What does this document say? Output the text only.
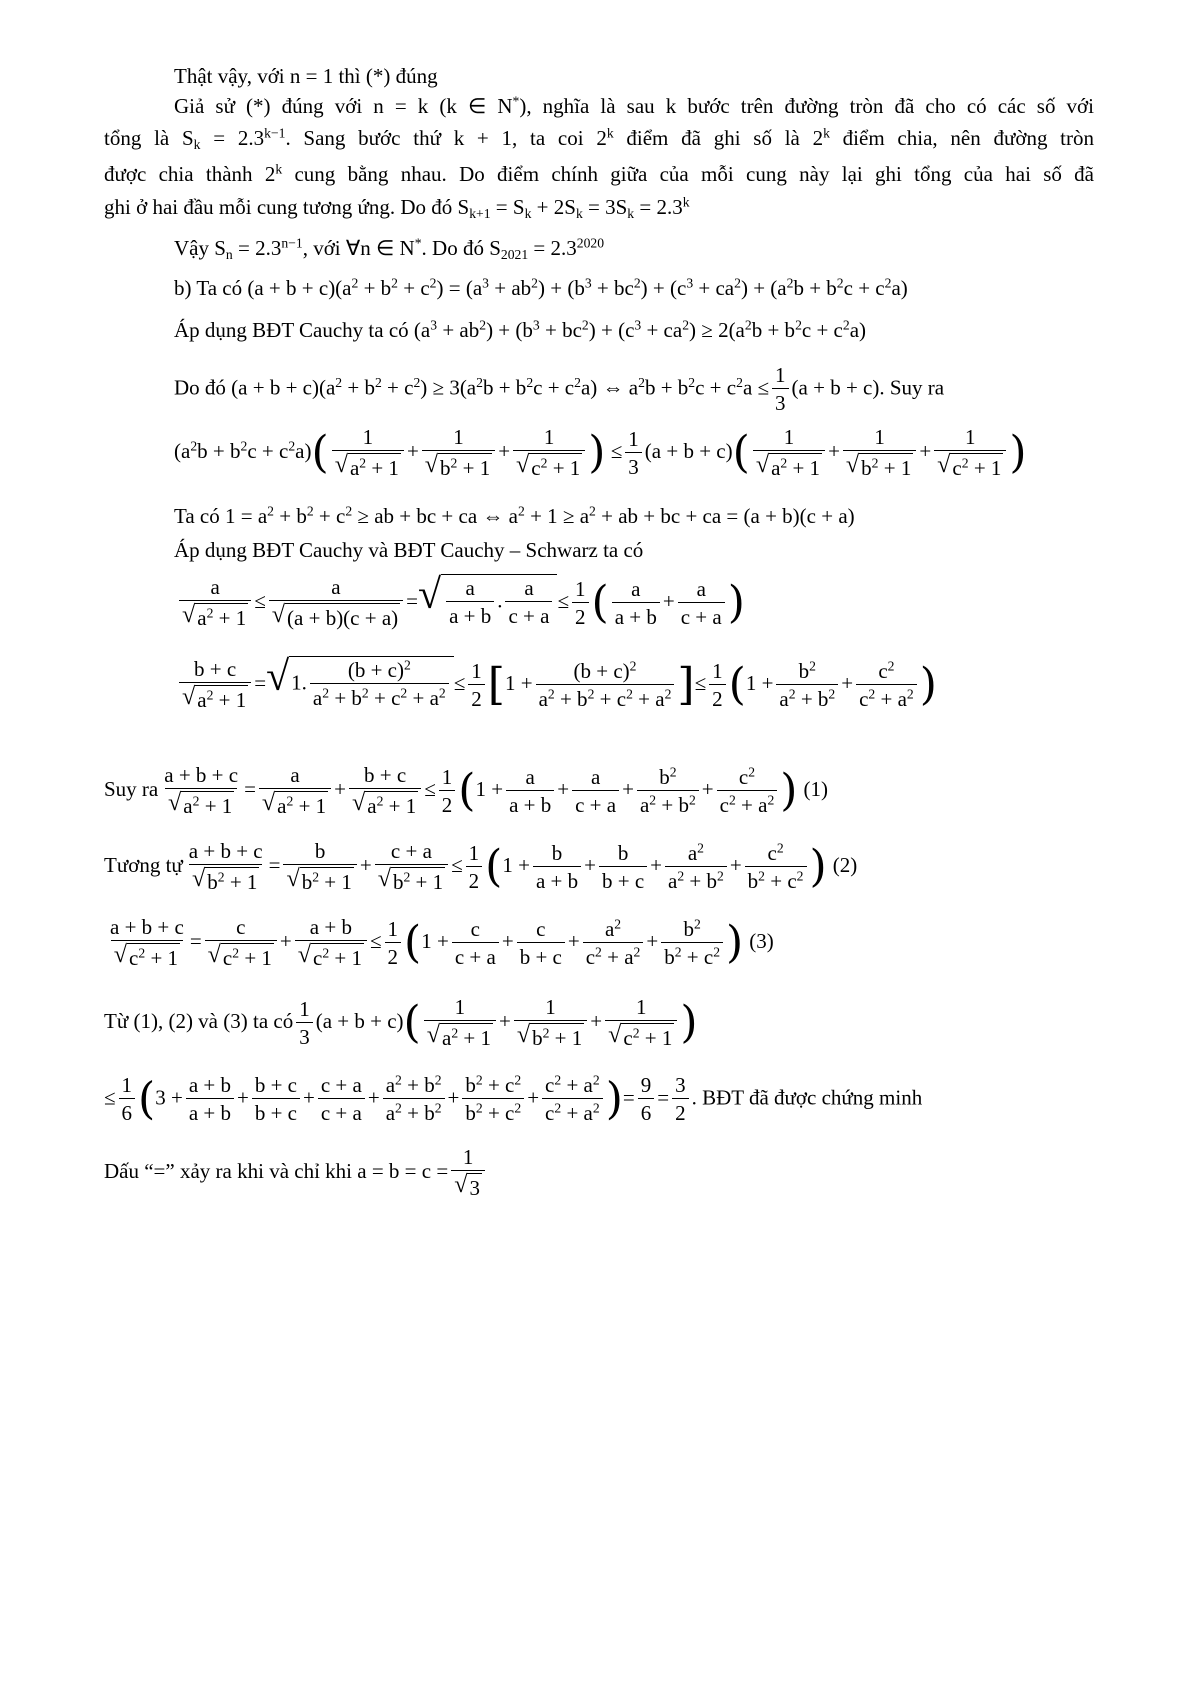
Thật vậy, với n = 1 thì (*) đúng
Giả sử (*) đúng với n = k (k ∈ N*), nghĩa là sau k bước trên đường tròn đã cho có các số với
tổng là $S_k = 2.3^{k-1}$. Sang bước thứ k + 1, ta coi 2$^k$ điểm đã ghi số là 2$^k$ điểm chia, nên đường tròn
được chia thành 2$^k$ cung bằng nhau. Do điểm chính giữa của mỗi cung này lại ghi tổng của hai số đã
ghi ở hai đầu mỗi cung tương ứng. Do đó $S_{k+1} = S_k + 2S_k = 3S_k = 2.3^k$
Vậy $S_n = 2.3^{n-1}$, với ∀n ∈ N*. Do đó $S_{2021} = 2.3^{2020}$
b) Ta có $(a + b + c)(a^2 + b^2 + c^2) = (a^3 + ab^2) + (b^3 + bc^2) + (c^3 + ca^2) + (a^2b + b^2c + c^2a)$
Áp dụng BĐT Cauchy ta có $(a^3 + ab^2) + (b^3 + bc^2) + (c^3 + ca^2) \ge 2(a^2b + b^2c + c^2a)$
Do đó $(a + b + c)(a^2 + b^2 + c^2) \ge 3(a^2b + b^2c + c^2a)$ ⇔ $a^2b + b^2c + c^2a \le \frac{1}{3} (a + b + c)$. Suy ra
$(a^2b + b^2c + c^2a)( \frac{1}{√ a^2 + 1} + \frac{1}{√ b^2 + 1} + \frac{1}{√ c^2 + 1}$ ) ≤ $\frac{1}{3} (a + b + c)( \frac{1}{√ a^2 + 1} + \frac{1}{√ b^2 + 1} + \frac{1}{√ c^2 + 1}$ )
Ta có $1 = a^2 + b^2 + c^2$ ≥ ab + bc + ca ⇔ $a^2 + 1 \ge a^2$ + ab + bc + ca = (a + b)(c + a)
Áp dụng BĐT Cauchy và BĐT Cauchy – Schwarz ta có
$\frac{a}{√ a^2 + 1} \le \frac{a}{√ (a + b)(c + a)}$ = √ $\frac{a}{a + b}$ . $\frac{a}{c + a} \le \frac{1}{2}$ ( $\frac{a}{a + b} + \frac{a}{c + a}$ )
$\frac{b + c}{√ a^2 + 1}$ = √ 1. $\frac{(b + c)^2}{a^2 + b^2 + c^2 + a^2} \le \frac{1}{2} [1 + \frac{(b + c)^2}{a^2 + b^2 + c^2 + a^2}$ ]≤ $\frac{1}{2} (1 + \frac{b^2}{a^2 + b^2} + \frac{c^2}{c^2 + a^2}$ )
Suy ra $\frac{a + b + c}{√ a^2 + 1} = \frac{a}{√ a^2 + 1} + \frac{b + c}{√ a^2 + 1} \le \frac{1}{2} (1 + \frac{a}{a + b} + \frac{a}{c + a} + \frac{b^2}{a^2 + b^2} + \frac{c^2}{c^2 + a^2}$ ) (1)
Tương tự $\frac{a + b + c}{√ b^2 + 1} = \frac{b}{√ b^2 + 1} + \frac{c + a}{√ b^2 + 1} \le \frac{1}{2} (1 + \frac{b}{a + b} + \frac{b}{b + c} + \frac{a^2}{a^2 + b^2} + \frac{c^2}{b^2 + c^2}$ ) (2)
$\frac{a + b + c}{√ c^2 + 1} = \frac{c}{√ c^2 + 1} + \frac{a + b}{√ c^2 + 1} \le \frac{1}{2} (1 + \frac{c}{c + a} + \frac{c}{b + c} + \frac{a^2}{c^2 + a^2} + \frac{b^2}{b^2 + c^2}$ ) (3)
Từ (1), (2) và (3) ta có $\frac{1}{3} (a + b + c)( \frac{1}{√ a^2 + 1} + \frac{1}{√ b^2 + 1} + \frac{1}{√ c^2 + 1}$ )
≤ $\frac{1}{6} (3 + \frac{a + b}{a + b} + \frac{b + c}{b + c} + \frac{c + a}{c + a} + \frac{a^2 + b^2}{a^2 + b^2} + \frac{b^2 + c^2}{b^2 + c^2} + \frac{c^2 + a^2}{c^2 + a^2}$ )= $\frac{9}{6} = \frac{3}{2}$ . BĐT đã được chứng minh
Dấu “=” xảy ra khi và chỉ khi $a = b = c = \frac{1}{√ 3}$
